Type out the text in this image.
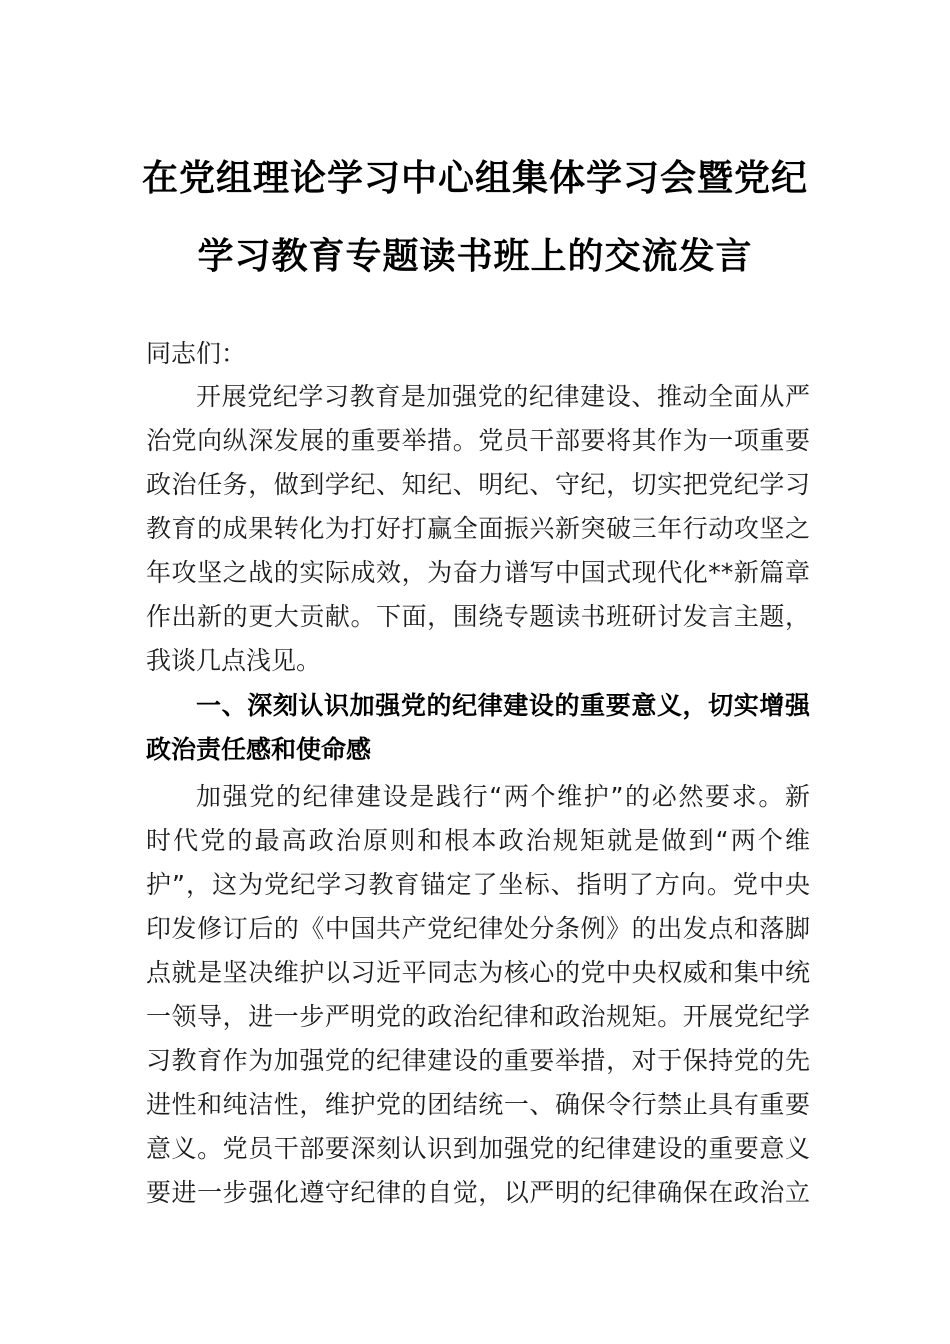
在党组理论学习中心组集体学习会暨党纪
学习教育专题读书班上的交流发言
同志们：
开展党纪学习教育是加强党的纪律建设、推动全面从严
治党向纵深发展的重要举措。党员干部要将其作为一项重要
政治任务，做到学纪、知纪、明纪、守纪，切实把党纪学习
教育的成果转化为打好打赢全面振兴新突破三年行动攻坚之
年攻坚之战的实际成效，为奋力谱写中国式现代化**新篇章
作出新的更大贡献。下面，围绕专题读书班研讨发言主题，
我谈几点浅见。
一、深刻认识加强党的纪律建设的重要意义，切实增强
政治责任感和使命感
加强党的纪律建设是践行“两个维护”的必然要求。新
时代党的最高政治原则和根本政治规矩就是做到“两个维
护”，这为党纪学习教育锚定了坐标、指明了方向。党中央
印发修订后的《中国共产党纪律处分条例》的出发点和落脚
点就是坚决维护以习近平同志为核心的党中央权威和集中统
一领导，进一步严明党的政治纪律和政治规矩。开展党纪学
习教育作为加强党的纪律建设的重要举措，对于保持党的先
进性和纯洁性，维护党的团结统一、确保令行禁止具有重要
意义。党员干部要深刻认识到加强党的纪律建设的重要意义
要进一步强化遵守纪律的自觉，以严明的纪律确保在政治立
